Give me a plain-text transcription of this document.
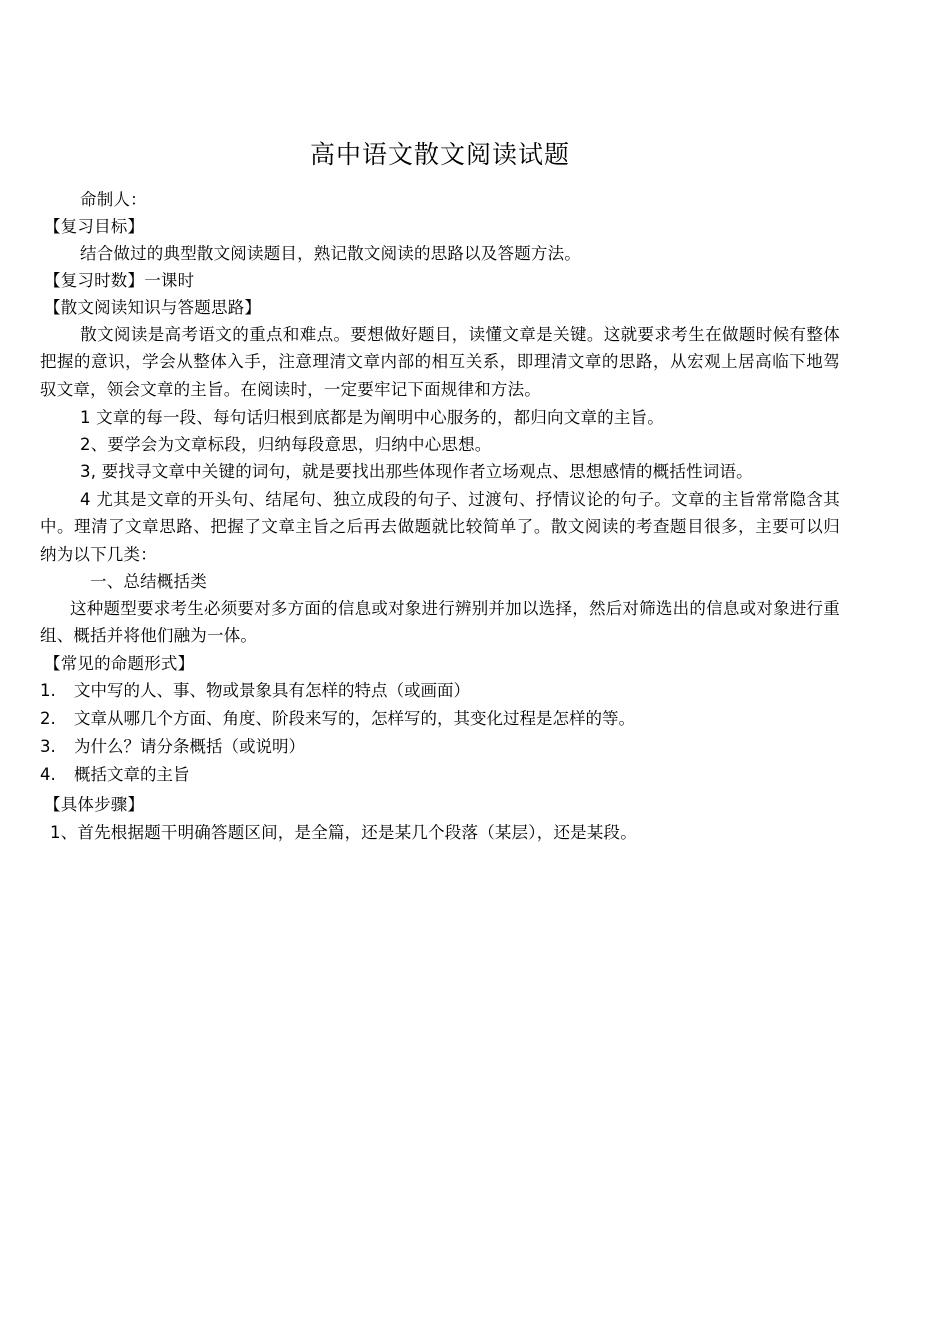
高中语文散文阅读试题
命制人：
【复习目标】
结合做过的典型散文阅读题目，熟记散文阅读的思路以及答题方法。
【复习时数】一课时
【散文阅读知识与答题思路】
散文阅读是高考语文的重点和难点。要想做好题目，读懂文章是关键。这就要求考生在做题时候有整体把握的意识，学会从整体入手，注意理清文章内部的相互关系，即理清文章的思路，从宏观上居高临下地驾驭文章，领会文章的主旨。在阅读时，一定要牢记下面规律和方法。
1 文章的每一段、每句话归根到底都是为阐明中心服务的，都归向文章的主旨。
2、要学会为文章标段，归纳每段意思，归纳中心思想。
3, 要找寻文章中关键的词句，就是要找出那些体现作者立场观点、思想感情的概括性词语。
4 尤其是文章的开头句、结尾句、独立成段的句子、过渡句、抒情议论的句子。文章的主旨常常隐含其中。理清了文章思路、把握了文章主旨之后再去做题就比较简单了。散文阅读的考查题目很多，主要可以归纳为以下几类：
一、总结概括类
这种题型要求考生必须要对多方面的信息或对象进行辨别并加以选择，然后对筛选出的信息或对象进行重组、概括并将他们融为一体。
【常见的命题形式】
1. 文中写的人、事、物或景象具有怎样的特点（或画面）
2. 文章从哪几个方面、角度、阶段来写的，怎样写的，其变化过程是怎样的等。
3. 为什么？请分条概括（或说明）
4. 概括文章的主旨
【具体步骤】
1、首先根据题干明确答题区间，是全篇，还是某几个段落（某层），还是某段。
